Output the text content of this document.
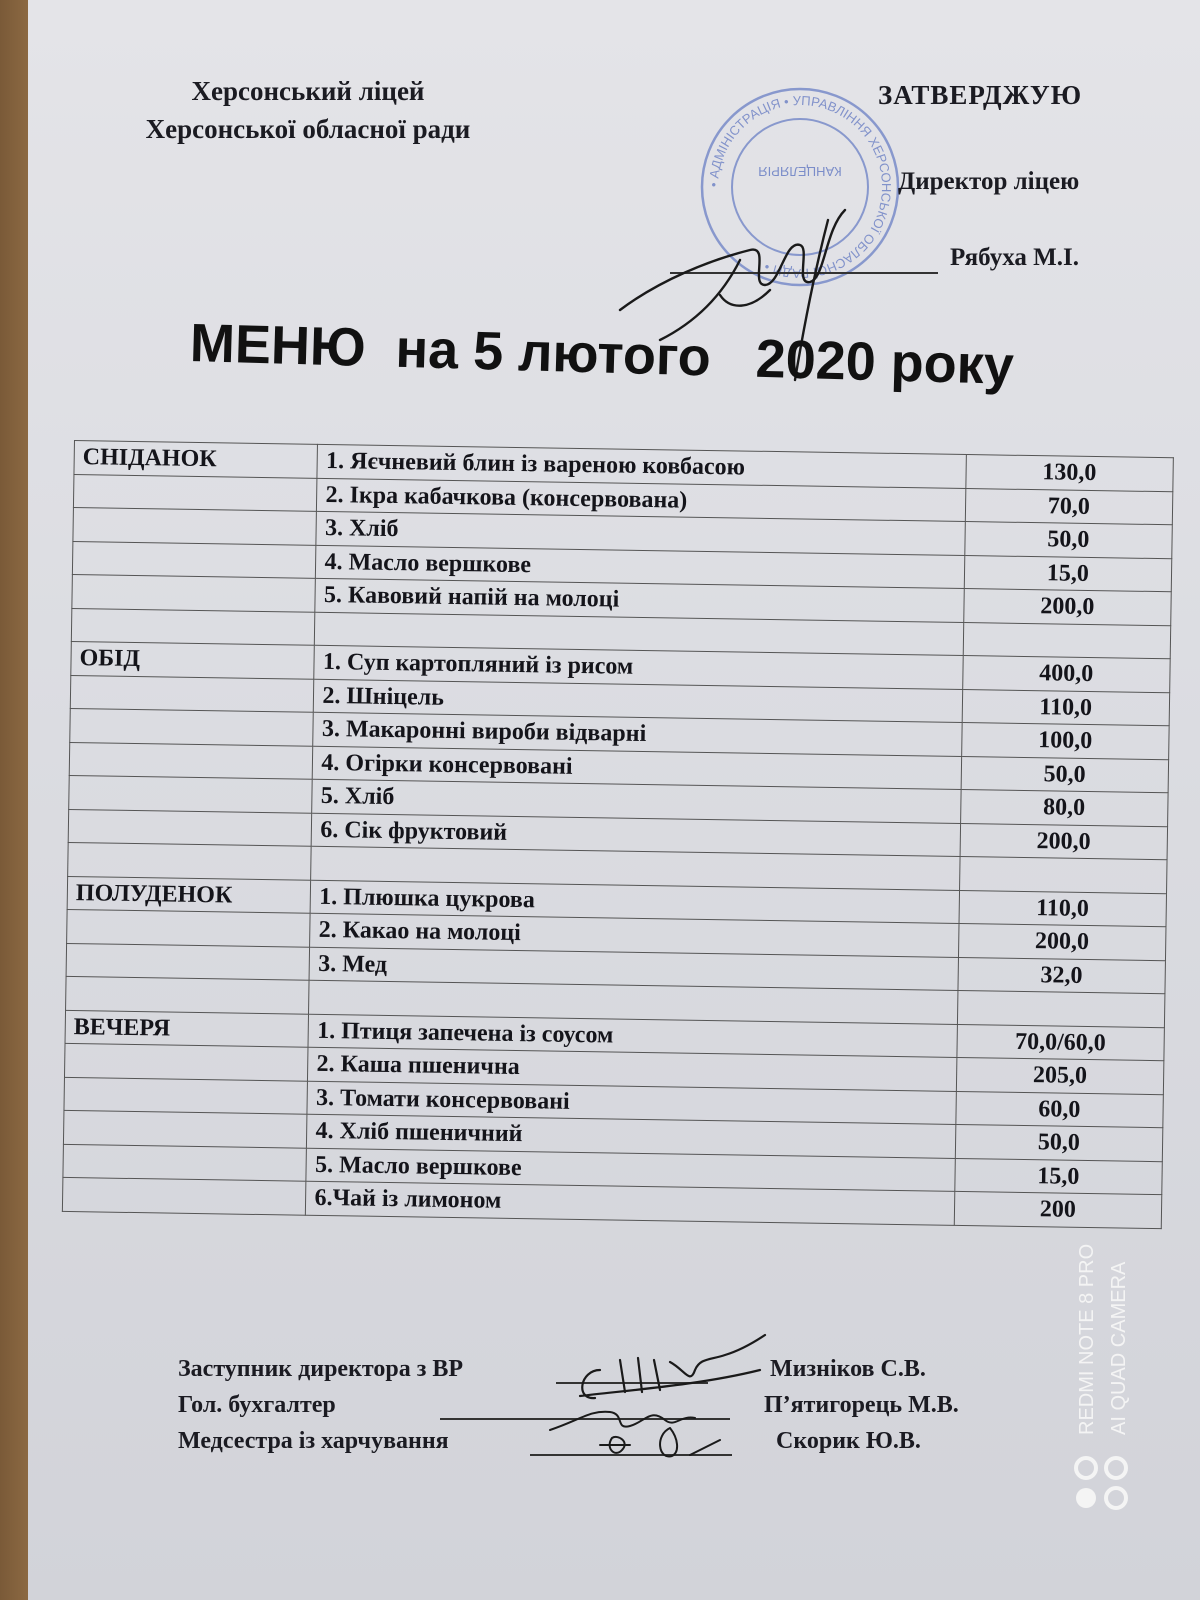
Херсонський ліцей
Херсонської обласної ради
• АДМІНІСТРАЦІЯ • УПРАВЛІННЯ ХЕРСОНСЬКОЇ ОБЛАСНОЇ РАДИ •
КАНЦЕЛЯРІЯ
ЗАТВЕРДЖУЮ
Директор ліцею
Рябуха М.І.
МЕНЮ  на 5 лютого   2020 року
СНІДАНОК	1. Яєчневий блин із вареною ковбасою	130,0
	2. Ікра кабачкова (консервована)	70,0
	3. Хліб	50,0
	4. Масло вершкове	15,0
	5. Кавовий напій на молоці	200,0

ОБІД	1. Суп картопляний із рисом	400,0
	2. Шніцель	110,0
	3. Макаронні вироби відварні	100,0
	4. Огірки консервовані	50,0
	5. Хліб	80,0
	6. Сік фруктовий	200,0

ПОЛУДЕНОК	1. Плюшка цукрова	110,0
	2. Какао на молоці	200,0
	3. Мед	32,0

ВЕЧЕРЯ	1. Птиця запечена із соусом	70,0/60,0
	2. Каша пшенична	205,0
	3. Томати консервовані	60,0
	4. Хліб пшеничний	50,0
	5. Масло вершкове	15,0
	6.Чай із лимоном	200
Заступник директора з ВР	Мизніков С.В.
Гол. бухгалтер	П’ятигорець М.В.
Медсестра із харчування	Скорик Ю.В.
REDMI NOTE 8 PRO AI QUAD CAMERA
